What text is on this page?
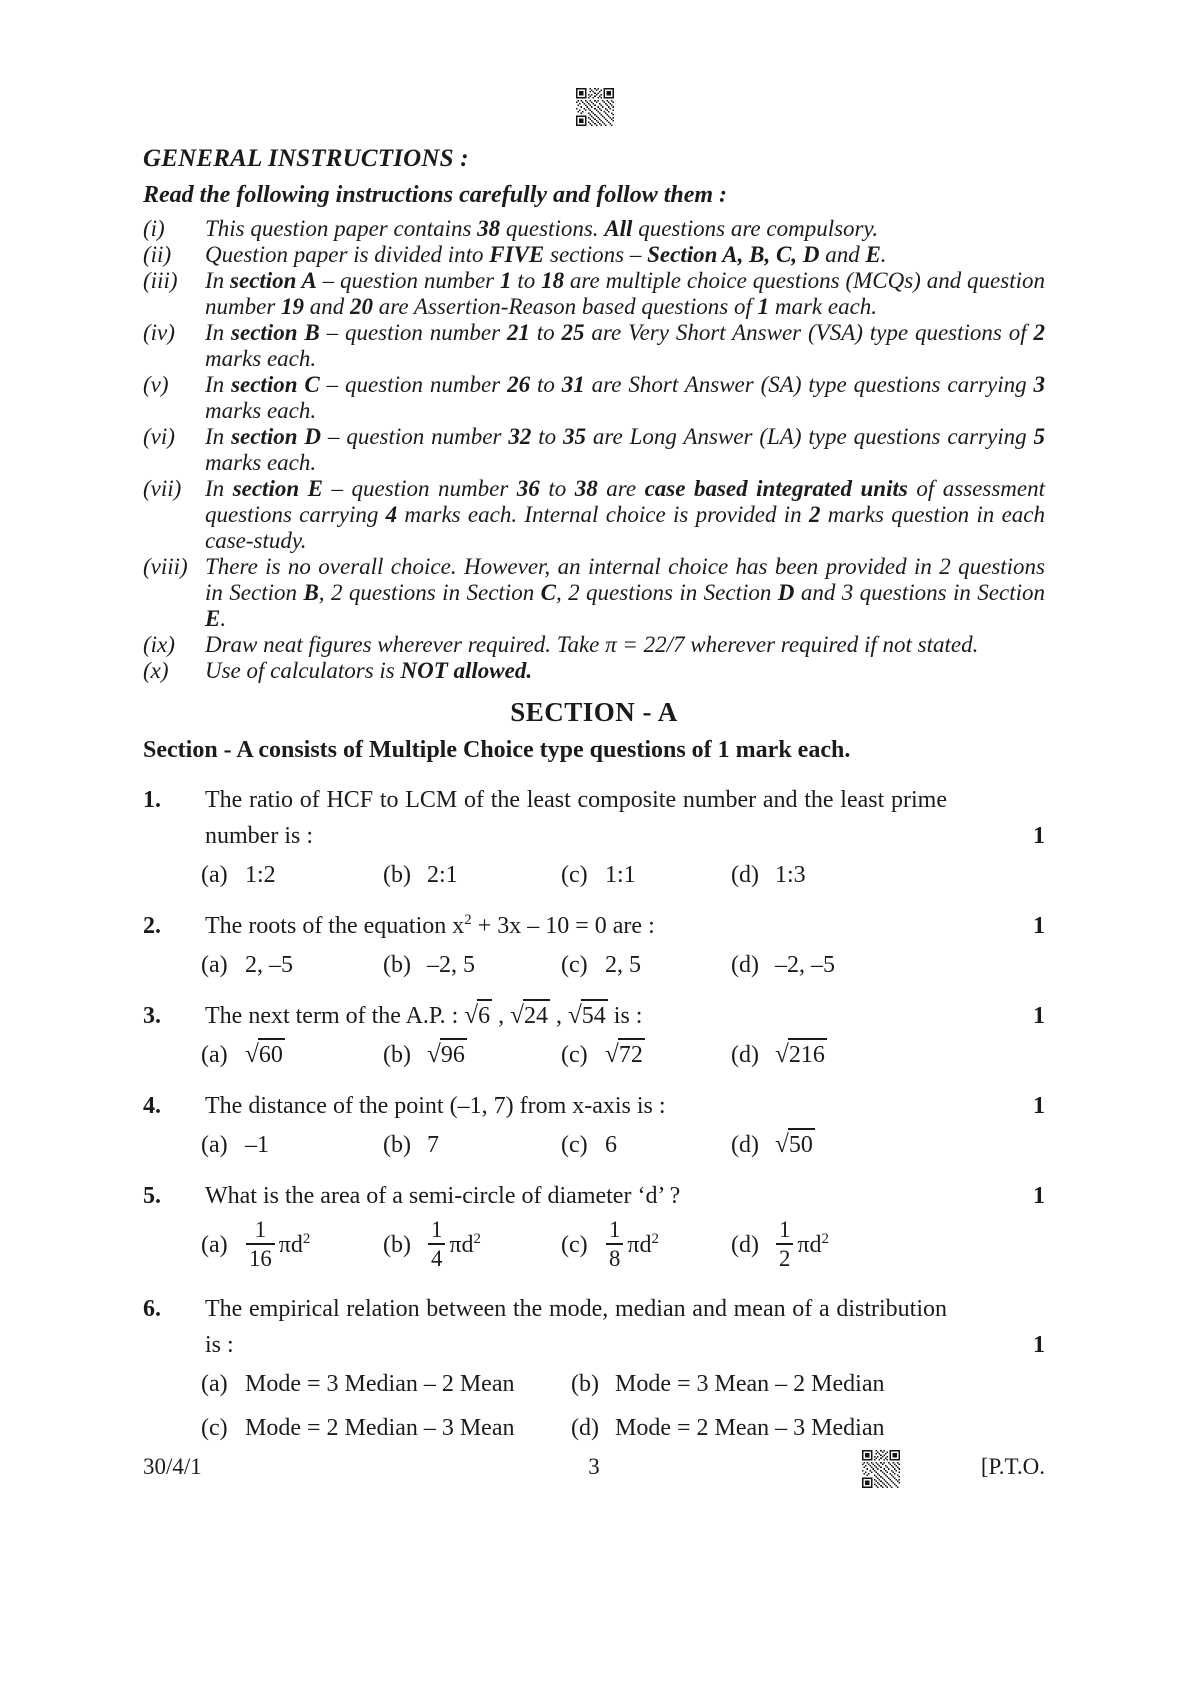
GENERAL INSTRUCTIONS :

Read the following instructions carefully and follow them :

(i)	This question paper contains 38 questions. All questions are compulsory.
(ii)	Question paper is divided into FIVE sections – Section A, B, C, D and E.
(iii)	In section A – question number 1 to 18 are multiple choice questions (MCQs) and question number 19 and 20 are Assertion-Reason based questions of 1 mark each.
(iv)	In section B – question number 21 to 25 are Very Short Answer (VSA) type questions of 2 marks each.
(v)	In section C – question number 26 to 31 are Short Answer (SA) type questions carrying 3 marks each.
(vi)	In section D – question number 32 to 35 are Long Answer (LA) type questions carrying 5 marks each.
(vii)	In section E – question number 36 to 38 are case based integrated units of assessment questions carrying 4 marks each. Internal choice is provided in 2 marks question in each case-study.
(viii) There is no overall choice. However, an internal choice has been provided in 2 questions in Section B, 2 questions in Section C, 2 questions in Section D and 3 questions in Section E.
(ix)	Draw neat figures wherever required. Take π = 22/7 wherever required if not stated.
(x)	Use of calculators is NOT allowed.
SECTION - A

Section - A consists of Multiple Choice type questions of 1 mark each.

1.	The ratio of HCF to LCM of the least composite number and the least prime number is :	1
(a) 1:2	(b) 2:1	(c) 1:1	(d) 1:3
2.	The roots of the equation $x^2 + 3x - 10 = 0$ are :	1
(a) 2, –5	(b) –2, 5	(c) 2, 5	(d) –2, –5
3.	The next term of the A.P. : √6 , √24 , √54 is :	1
(a) √60	(b) √96	(c) √72	(d) √216
4.	The distance of the point (–1, 7) from x-axis is :	1
(a) –1	(b) 7	(c) 6	(d) √50
5.	What is the area of a semi-circle of diameter ‘d’ ?	1
$(a) \frac{1}{16} \pi d^2$	$(b) \frac{1}{4} \pi d^2$	$(c) \frac{1}{8} \pi d^2$	$(d) \frac{1}{2} \pi d^2$
6.	The empirical relation between the mode, median and mean of a distribution is :	1
(a) Mode = 3 Median – 2 Mean	(b) Mode = 3 Mean – 2 Median
(c) Mode = 2 Median – 3 Mean	(d) Mode = 2 Mean – 3 Median
30/4/1	3	[P.T.O.
